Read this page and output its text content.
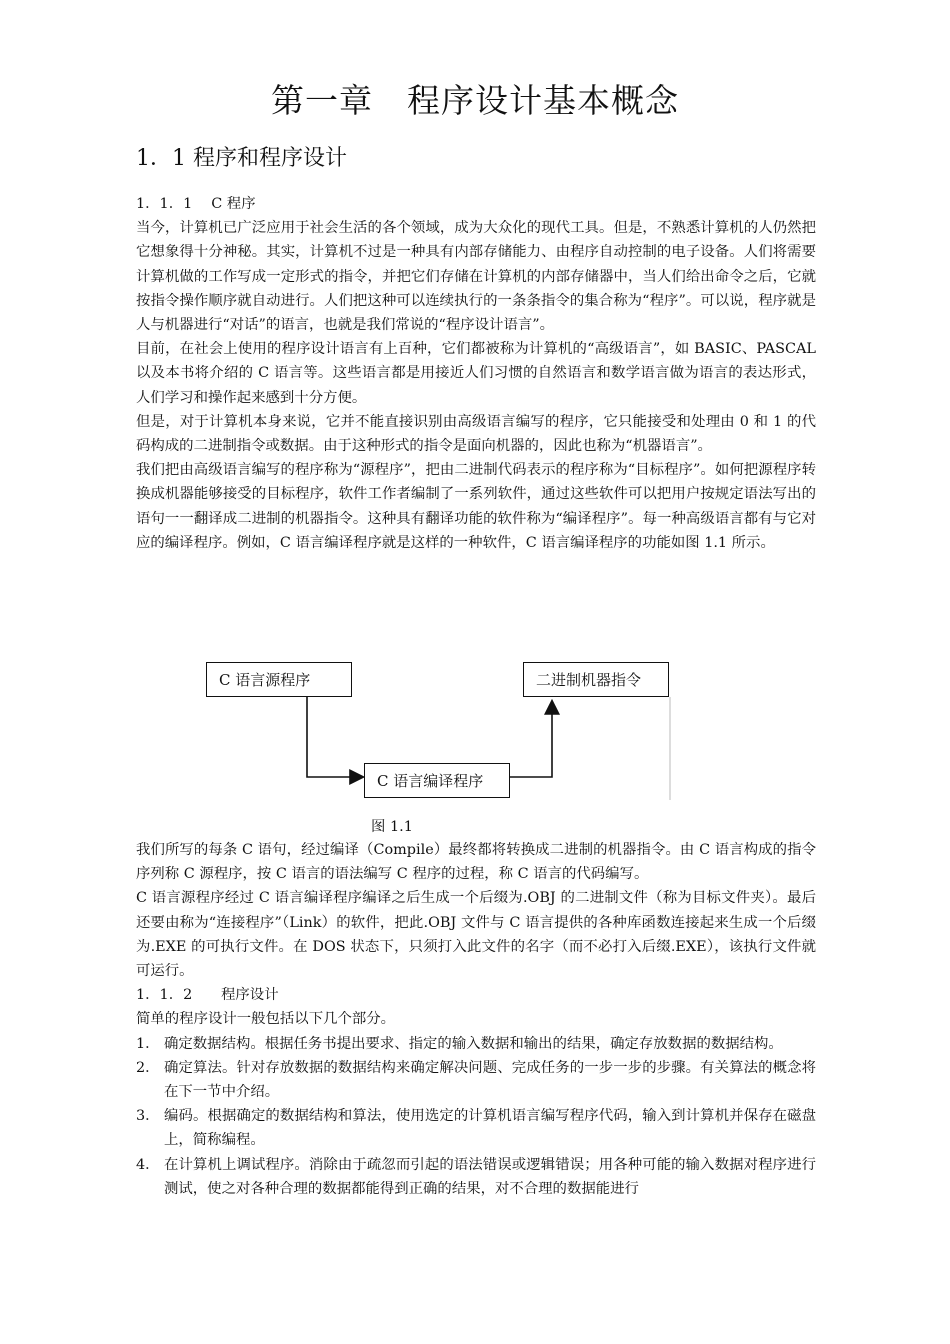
第一章　程序设计基本概念
1．1 程序和程序设计

1．1．1　 C 程序

当今，计算机已广泛应用于社会生活的各个领域，成为大众化的现代工具。但是，不熟悉计算机的人仍然把它想象得十分神秘。其实，计算机不过是一种具有内部存储能力、由程序自动控制的电子设备。人们将需要计算机做的工作写成一定形式的指令，并把它们存储在计算机的内部存储器中，当人们给出命令之后，它就按指令操作顺序就自动进行。人们把这种可以连续执行的一条条指令的集合称为“程序”。可以说，程序就是人与机器进行“对话”的语言，也就是我们常说的“程序设计语言”。

目前，在社会上使用的程序设计语言有上百种，它们都被称为计算机的“高级语言”，如 BASIC、PASCAL 以及本书将介绍的 C 语言等。这些语言都是用接近人们习惯的自然语言和数学语言做为语言的表达形式，人们学习和操作起来感到十分方便。

但是，对于计算机本身来说，它并不能直接识别由高级语言编写的程序，它只能接受和处理由 0 和 1 的代码构成的二进制指令或数据。由于这种形式的指令是面向机器的，因此也称为“机器语言”。

我们把由高级语言编写的程序称为“源程序”，把由二进制代码表示的程序称为“目标程序”。如何把源程序转换成机器能够接受的目标程序，软件工作者编制了一系列软件，通过这些软件可以把用户按规定语法写出的语句一一翻译成二进制的机器指令。这种具有翻译功能的软件称为“编译程序”。每一种高级语言都有与它对应的编译程序。例如，C 语言编译程序就是这样的一种软件，C 语言编译程序的功能如图 1.1 所示。

C 语言源程序	二进制机器指令
C 语言编译程序
图 1.1

我们所写的每条 C 语句，经过编译（Compile）最终都将转换成二进制的机器指令。由 C 语言构成的指令序列称 C 源程序，按 C 语言的语法编写 C 程序的过程，称 C 语言的代码编写。

C 语言源程序经过 C 语言编译程序编译之后生成一个后缀为.OBJ 的二进制文件（称为目标文件夹）。最后还要由称为“连接程序”（Link）的软件，把此.OBJ 文件与 C 语言提供的各种库函数连接起来生成一个后缀为.EXE 的可执行文件。在 DOS 状态下，只须打入此文件的名字（而不必打入后缀.EXE），该执行文件就可运行。

1．1．2　　程序设计

简单的程序设计一般包括以下几个部分。

1． 确定数据结构。根据任务书提出要求、指定的输入数据和输出的结果，确定存放数据的数据结构。
2． 确定算法。针对存放数据的数据结构来确定解决问题、完成任务的一步一步的步骤。有关算法的概念将在下一节中介绍。
3． 编码。根据确定的数据结构和算法，使用选定的计算机语言编写程序代码，输入到计算机并保存在磁盘上，简称编程。
4． 在计算机上调试程序。消除由于疏忽而引起的语法错误或逻辑错误；用各种可能的输入数据对程序进行测试，使之对各种合理的数据都能得到正确的结果，对不合理的数据能进行
